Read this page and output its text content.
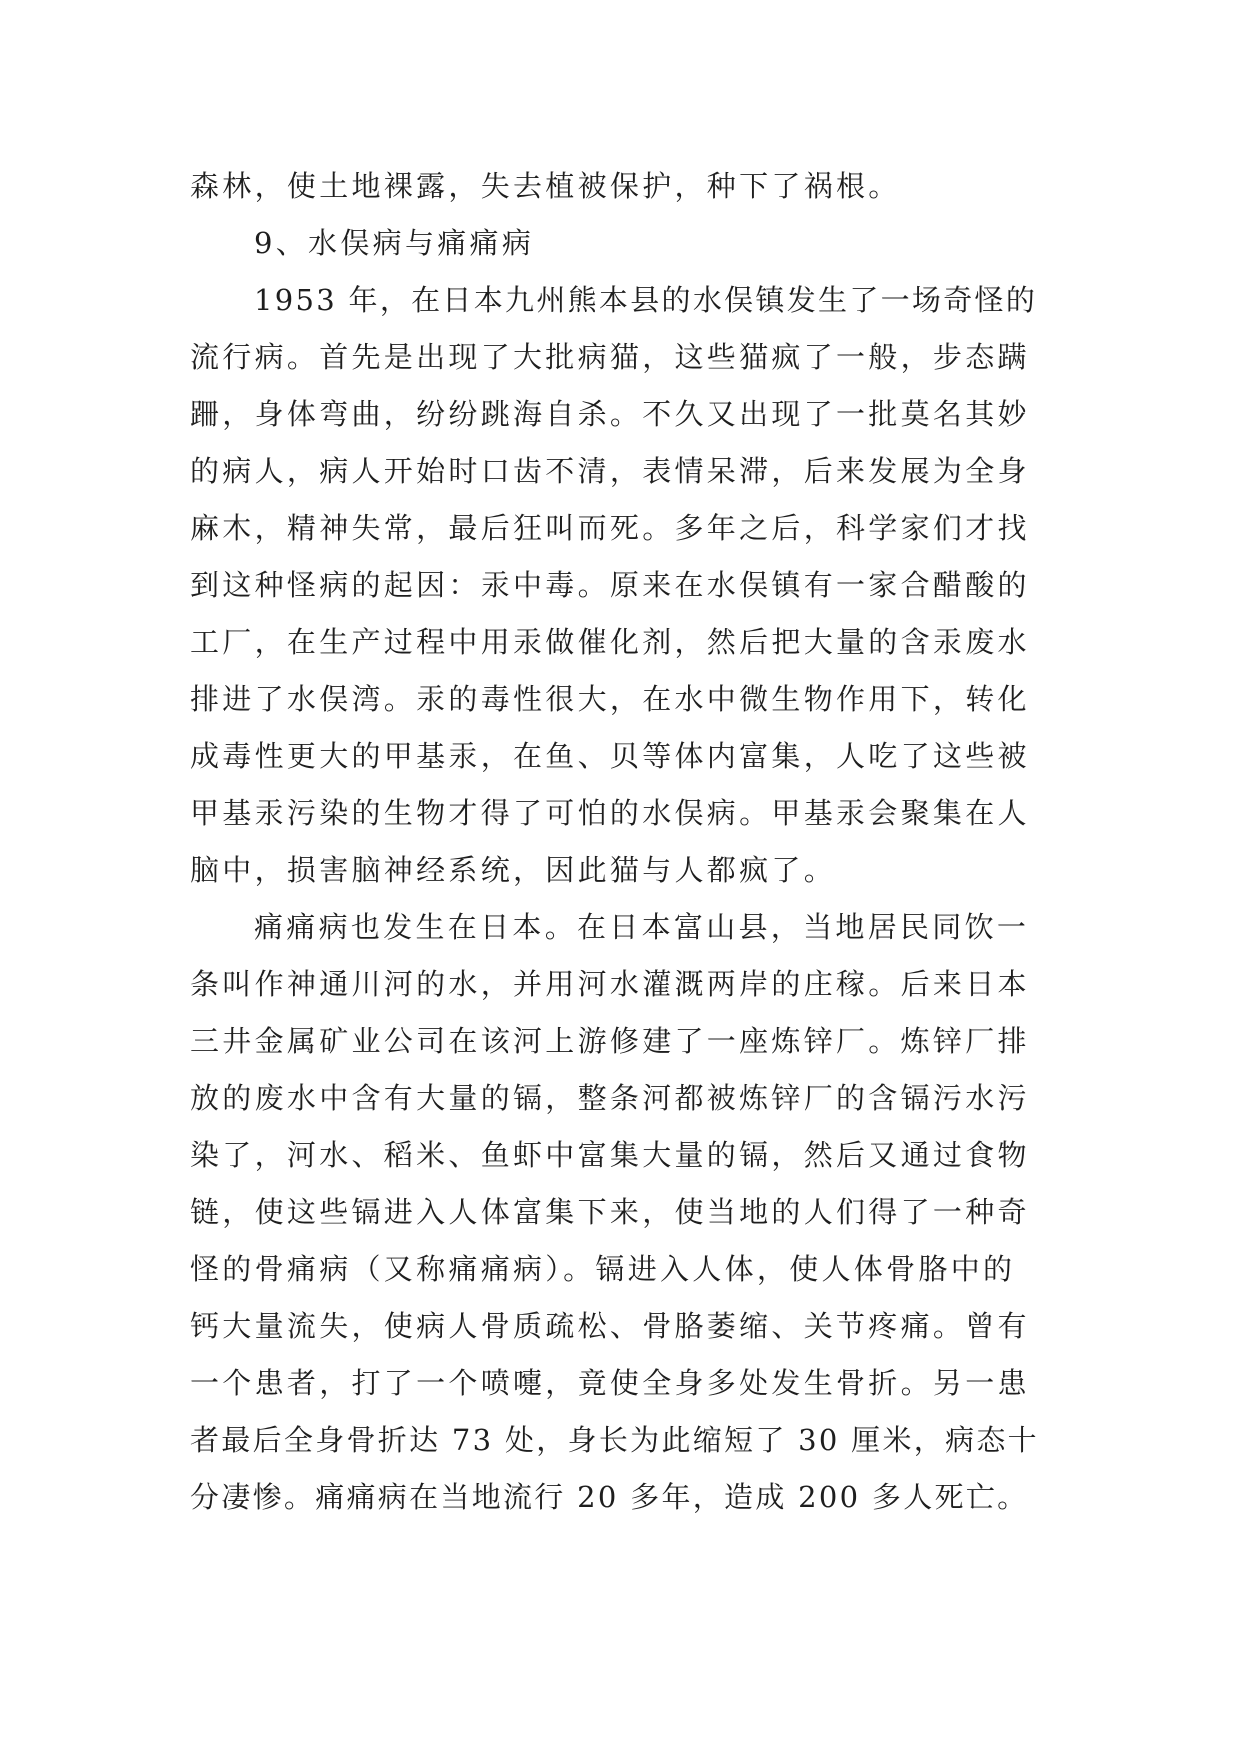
森林，使土地裸露，失去植被保护，种下了祸根。
9、水俣病与痛痛病
1953 年，在日本九州熊本县的水俣镇发生了一场奇怪的
流行病。首先是出现了大批病猫，这些猫疯了一般，步态蹒
跚，身体弯曲，纷纷跳海自杀。不久又出现了一批莫名其妙
的病人，病人开始时口齿不清，表情呆滞，后来发展为全身
麻木，精神失常，最后狂叫而死。多年之后，科学家们才找
到这种怪病的起因：汞中毒。原来在水俣镇有一家合醋酸的
工厂，在生产过程中用汞做催化剂，然后把大量的含汞废水
排进了水俣湾。汞的毒性很大，在水中微生物作用下，转化
成毒性更大的甲基汞，在鱼、贝等体内富集，人吃了这些被
甲基汞污染的生物才得了可怕的水俣病。甲基汞会聚集在人
脑中，损害脑神经系统，因此猫与人都疯了。
痛痛病也发生在日本。在日本富山县，当地居民同饮一
条叫作神通川河的水，并用河水灌溉两岸的庄稼。后来日本
三井金属矿业公司在该河上游修建了一座炼锌厂。炼锌厂排
放的废水中含有大量的镉，整条河都被炼锌厂的含镉污水污
染了，河水、稻米、鱼虾中富集大量的镉，然后又通过食物
链，使这些镉进入人体富集下来，使当地的人们得了一种奇
怪的骨痛病（又称痛痛病）。镉进入人体，使人体骨胳中的
钙大量流失，使病人骨质疏松、骨胳萎缩、关节疼痛。曾有
一个患者，打了一个喷嚏，竟使全身多处发生骨折。另一患
者最后全身骨折达 73 处，身长为此缩短了 30 厘米，病态十
分凄惨。痛痛病在当地流行 20 多年，造成 200 多人死亡。
